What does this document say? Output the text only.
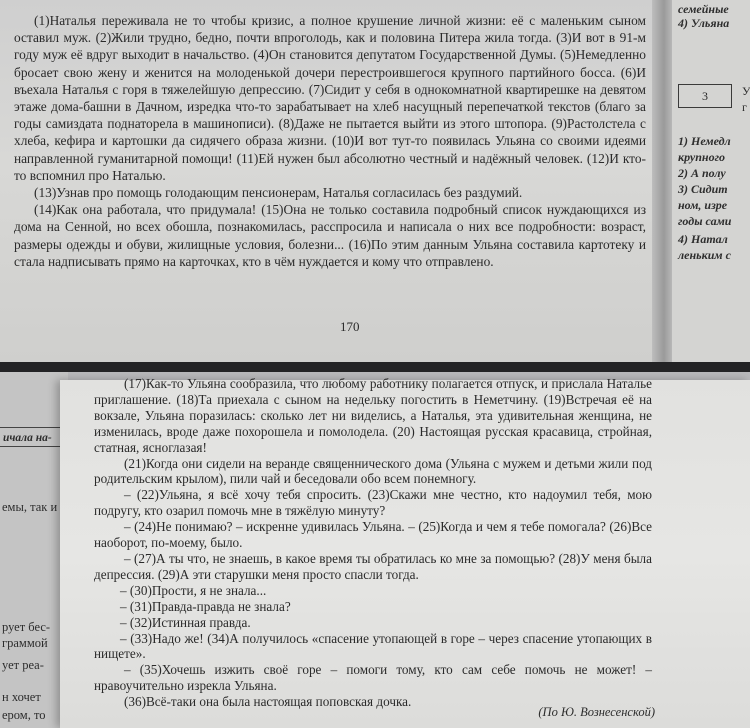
(1)Наталья переживала не то чтобы кризис, а полное крушение личной жизни: её с маленьким сыном оставил муж. (2)Жили трудно, бедно, почти впроголодь, как и половина Питера жила тогда. (3)И вот в 91-м году муж её вдруг выходит в начальство. (4)Он становится депутатом Государственной Думы. (5)Немедленно бросает свою жену и женится на молоденькой дочери перестроившегося крупного партийного босса. (6)И въехала Наталья с горя в тяжелейшую депрессию. (7)Сидит у себя в однокомнатной квартирешке на девятом этаже дома-башни в Дачном, изредка что-то зарабатывает на хлеб насущный перепечаткой текстов (благо за годы самиздата поднаторела в машинописи). (8)Даже не пытается выйти из этого штопора. (9)Растолстела с хлеба, кефира и картошки да сидячего образа жизни. (10)И вот тут-то появилась Ульяна со своими идеями направленной гуманитарной помощи! (11)Ей нужен был абсолютно честный и надёжный человек. (12)И кто-то вспомнил про Наталью.

(13)Узнав про помощь голодающим пенсионерам, Наталья согласилась без раздумий.

(14)Как она работала, что придумала! (15)Она не только составила подробный список нуждающихся из дома на Сенной, но всех обошла, познакомилась, расспросила и написала о них все подробности: возраст, размеры одежды и обуви, жилищные условия, болезни... (16)По этим данным Ульяна составила картотеку и стала надписывать прямо на карточках, кто в чём нуждается и кому что отправлено.

170
семейные
4) Ульяна
1) Немедл
крупного
2) А полу
3) Сидит
ном, изре
годы сами
4) Натал
леньким с
3	У
г
ичала на-
емы, так и
рует бес-
граммой
ует реа-
н хочет
ером, то

(17)Как-то Ульяна сообразила, что любому работнику полагается отпуск, и прислала Наталье приглашение. (18)Та приехала с сыном на недельку погостить в Неметчину. (19)Встречая её на вокзале, Ульяна поразилась: сколько лет ни виделись, а Наталья, эта удивительная женщина, не изменилась, вроде даже похорошела и помолодела. (20) Настоящая русская красавица, стройная, статная, ясноглазая!

(21)Когда они сидели на веранде священнического дома (Ульяна с мужем и детьми жили под родительским крылом), пили чай и беседовали обо всем понемногу.

– (22)Ульяна, я всё хочу тебя спросить. (23)Скажи мне честно, кто надоумил тебя, мою подругу, кто озарил помочь мне в тяжёлую минуту?

– (24)Не понимаю? – искренне удивилась Ульяна. – (25)Когда и чем я тебе помогала? (26)Все наоборот, по-моему, было.

– (27)А ты что, не знаешь, в какое время ты обратилась ко мне за помощью? (28)У меня была депрессия. (29)А эти старушки меня просто спасли тогда.

– (30)Прости, я не знала...

– (31)Правда-правда не знала?

– (32)Истинная правда.

– (33)Надо же! (34)А получилось «спасение утопающей в горе – через спасение утопающих в нищете».

– (35)Хочешь изжить своё горе – помоги тому, кто сам себе помочь не может! – нравоучительно изрекла Ульяна.

(36)Всё-таки она была настоящая поповская дочка.

(По Ю. Вознесенской)
